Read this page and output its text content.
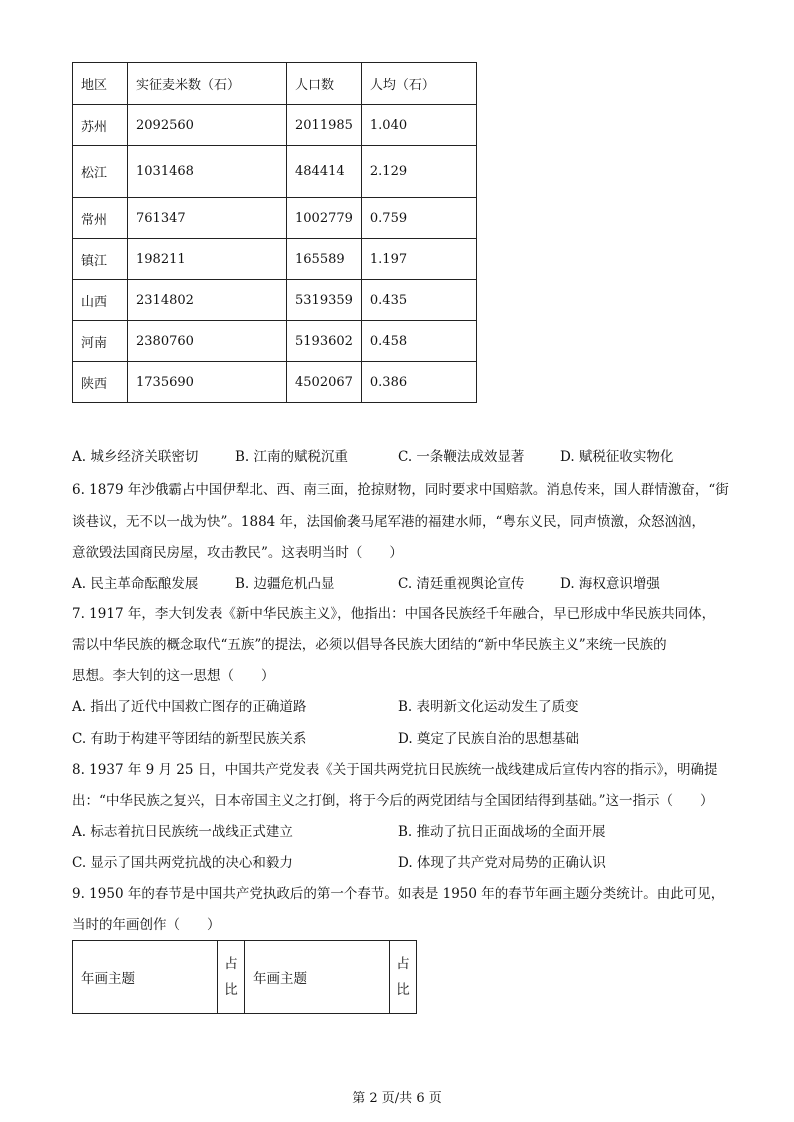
地区	实征麦米数（石）	人口数	人均（石）
苏州	2092560	2011985	1.040
松江	1031468	484414	2.129
常州	761347	1002779	0.759
镇江	198211	165589	1.197
山西	2314802	5319359	0.435
河南	2380760	5193602	0.458
陕西	1735690	4502067	0.386
A. 城乡经济关联密切	B. 江南的赋税沉重	C. 一条鞭法成效显著	D. 赋税征收实物化
6. 1879 年沙俄霸占中国伊犁北、西、南三面，抢掠财物，同时要求中国赔款。消息传来，国人群情激奋，“街
谈巷议，无不以一战为快”。1884 年，法国偷袭马尾军港的福建水师，“粤东义民，同声愤激，众怒汹汹，
意欲毁法国商民房屋，攻击教民”。这表明当时（　　）
A. 民主革命酝酿发展	B. 边疆危机凸显	C. 清廷重视舆论宣传	D. 海权意识增强
7. 1917 年，李大钊发表《新中华民族主义》，他指出：中国各民族经千年融合，早已形成中华民族共同体，
需以中华民族的概念取代“五族”的提法，必须以倡导各民族大团结的“新中华民族主义”来统一民族的
思想。李大钊的这一思想（　　）
A. 指出了近代中国救亡图存的正确道路	B. 表明新文化运动发生了质变
C. 有助于构建平等团结的新型民族关系	D. 奠定了民族自治的思想基础
8. 1937 年 9 月 25 日，中国共产党发表《关于国共两党抗日民族统一战线建成后宣传内容的指示》，明确提
出：“中华民族之复兴，日本帝国主义之打倒，将于今后的两党团结与全国团结得到基础。”这一指示（　　）
A. 标志着抗日民族统一战线正式建立	B. 推动了抗日正面战场的全面开展
C. 显示了国共两党抗战的决心和毅力	D. 体现了共产党对局势的正确认识
9. 1950 年的春节是中国共产党执政后的第一个春节。如表是 1950 年的春节年画主题分类统计。由此可见，
当时的年画创作（　　）
年画主题	占比	年画主题	占比
第 2 页/共 6 页
